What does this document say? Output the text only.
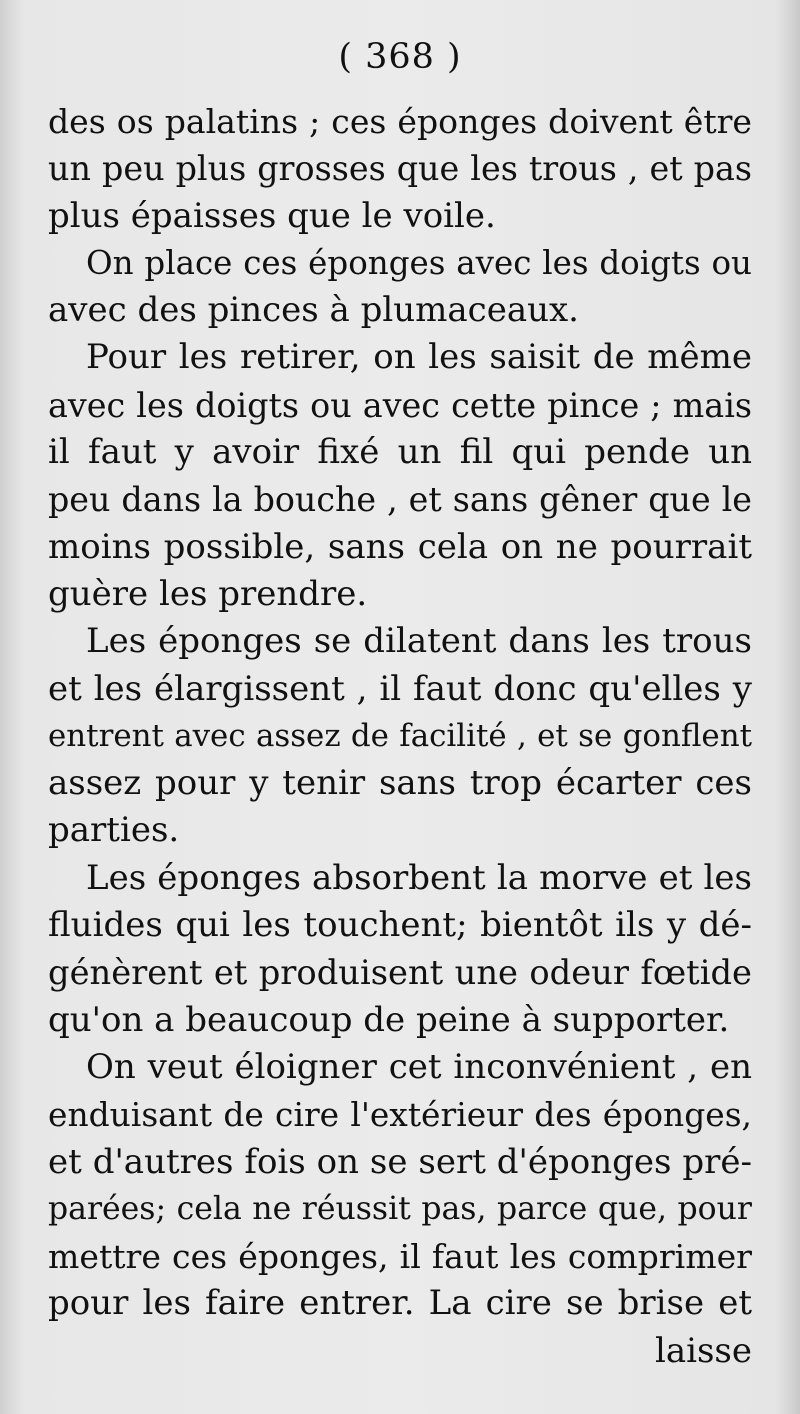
( 368 )
des os palatins ; ces éponges doivent être
un peu plus grosses que les trous , et pas
plus épaisses que le voile.
On place ces éponges avec les doigts ou
avec des pinces à plumaceaux.
Pour les retirer, on les saisit de même
avec les doigts ou avec cette pince ; mais
il faut y avoir fixé un fil qui pende un
peu dans la bouche , et sans gêner que le
moins possible, sans cela on ne pourrait
guère les prendre.
Les éponges se dilatent dans les trous
et les élargissent , il faut donc qu'elles y
entrent avec assez de facilité , et se gonflent
assez pour y tenir sans trop écarter ces
parties.
Les éponges absorbent la morve et les
fluides qui les touchent; bientôt ils y dé-
génèrent et produisent une odeur fœtide
qu'on a beaucoup de peine à supporter.
On veut éloigner cet inconvénient , en
enduisant de cire l'extérieur des éponges,
et d'autres fois on se sert d'éponges pré-
parées; cela ne réussit pas, parce que, pour
mettre ces éponges, il faut les comprimer
pour les faire entrer. La cire se brise et
laisse
